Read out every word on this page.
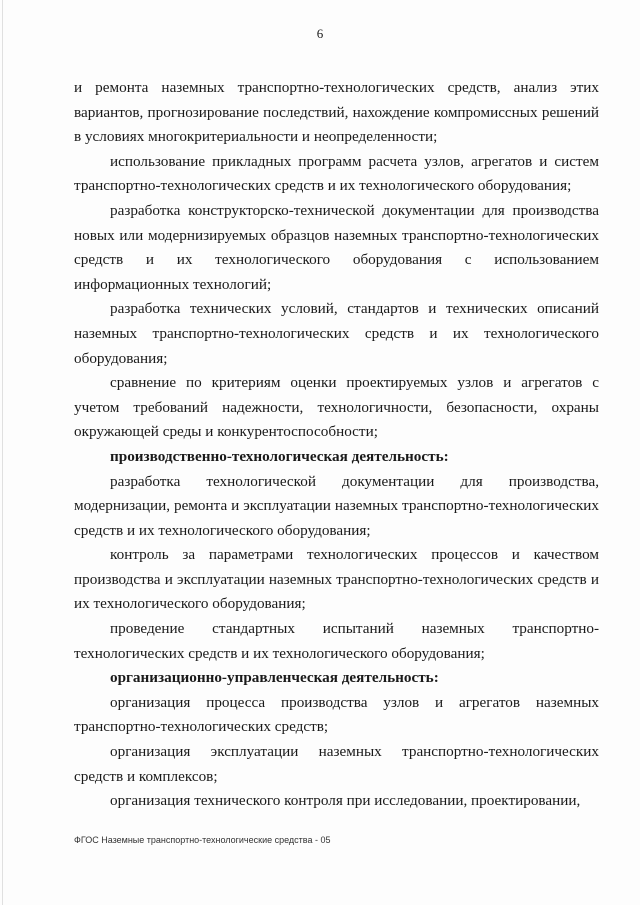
6

и ремонта наземных транспортно-технологических средств, анализ этих вариантов, прогнозирование последствий, нахождение компромиссных решений в условиях многокритериальности и неопределенности;

использование прикладных программ расчета узлов, агрегатов и систем транспортно-технологических средств и их технологического оборудования;

разработка конструкторско-технической документации для производства новых или модернизируемых образцов наземных транспортно-технологических средств и их технологического оборудования с использованием информационных технологий;

разработка технических условий, стандартов и технических описаний наземных транспортно-технологических средств и их технологического оборудования;

сравнение по критериям оценки проектируемых узлов и агрегатов с учетом требований надежности, технологичности, безопасности, охраны окружающей среды и конкурентоспособности;

производственно-технологическая деятельность:

разработка технологической документации для производства, модернизации, ремонта и эксплуатации наземных транспортно-технологических средств и их технологического оборудования;

контроль за параметрами технологических процессов и качеством производства и эксплуатации наземных транспортно-технологических средств и их технологического оборудования;

проведение стандартных испытаний наземных транспортно-технологических средств и их технологического оборудования;

организационно-управленческая деятельность:

организация процесса производства узлов и агрегатов наземных транспортно-технологических средств;

организация эксплуатации наземных транспортно-технологических средств и комплексов;

организация технического контроля при исследовании, проектировании,

ФГОС Наземные транспортно-технологические средства - 05
